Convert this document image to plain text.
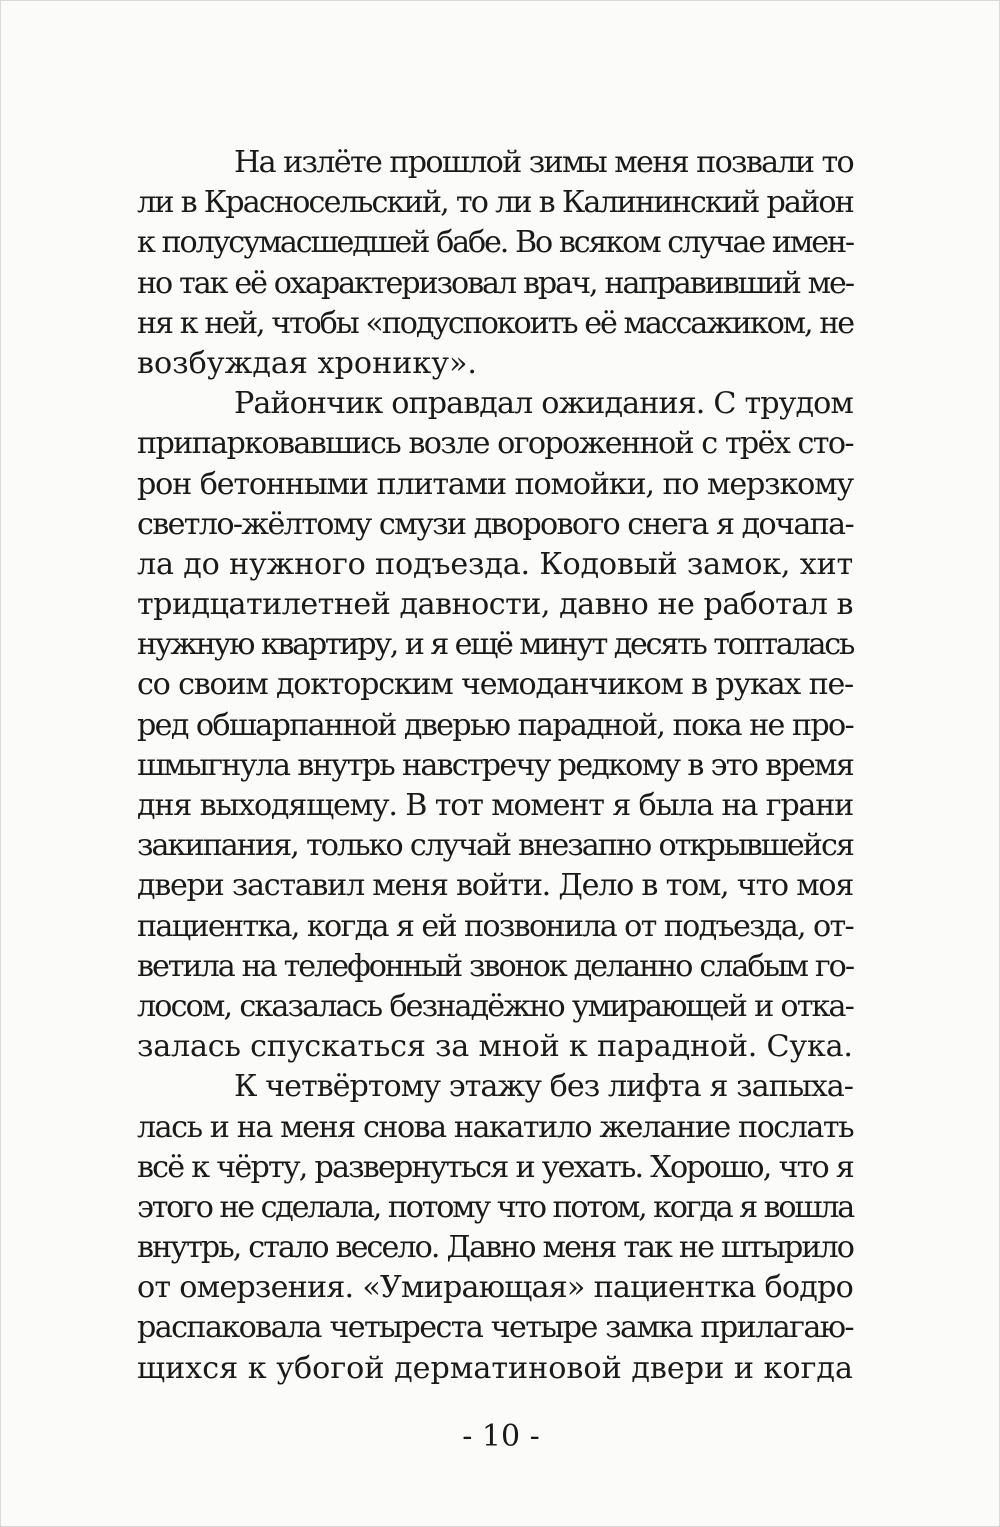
На излёте прошлой зимы меня позвали то
ли в Красносельский, то ли в Калининский район
к полусумасшедшей бабе. Во всяком случае имен-
но так её охарактеризовал врач, направивший ме-
ня к ней, чтобы «подуспокоить её массажиком, не
возбуждая хронику».
Райончик оправдал ожидания. С трудом
припарковавшись возле огороженной с трёх сто-
рон бетонными плитами помойки, по мерзкому
светло-жёлтому смузи дворового снега я дочапа-
ла до нужного подъезда. Кодовый замок, хит
тридцатилетней давности, давно не работал в
нужную квартиру, и я ещё минут десять топталась
со своим докторским чемоданчиком в руках пе-
ред обшарпанной дверью парадной, пока не про-
шмыгнула внутрь навстречу редкому в это время
дня выходящему. В тот момент я была на грани
закипания, только случай внезапно открывшейся
двери заставил меня войти. Дело в том, что моя
пациентка, когда я ей позвонила от подъезда, от-
ветила на телефонный звонок деланно слабым го-
лосом, сказалась безнадёжно умирающей и отка-
залась спускаться за мной к парадной. Сука.
К четвёртому этажу без лифта я запыха-
лась и на меня снова накатило желание послать
всё к чёрту, развернуться и уехать. Хорошо, что я
этого не сделала, потому что потом, когда я вошла
внутрь, стало весело. Давно меня так не штырило
от омерзения. «Умирающая» пациентка бодро
распаковала четыреста четыре замка прилагаю-
щихся к убогой дерматиновой двери и когда
- 10 -
